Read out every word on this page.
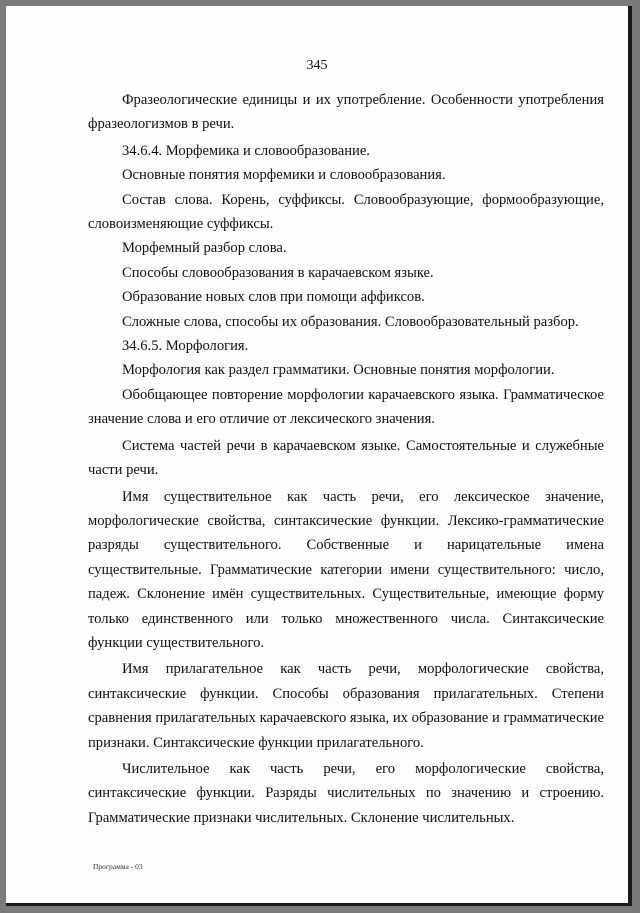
345

Фразеологические единицы и их употребление. Особенности употребления фразеологизмов в речи.

34.6.4. Морфемика и словообразование.

Основные понятия морфемики и словообразования.

Состав слова. Корень, суффиксы. Словообразующие, формообразующие, словоизменяющие суффиксы.

Морфемный разбор слова.

Способы словообразования в карачаевском языке.

Образование новых слов при помощи аффиксов.

Сложные слова, способы их образования. Словообразовательный разбор.

34.6.5. Морфология.

Морфология как раздел грамматики. Основные понятия морфологии.

Обобщающее повторение морфологии карачаевского языка. Грамматическое значение слова и его отличие от лексического значения.

Система частей речи в карачаевском языке. Самостоятельные и служебные части речи.

Имя существительное как часть речи, его лексическое значение, морфологические свойства, синтаксические функции. Лексико-грамматические разряды существительного. Собственные и нарицательные имена существительные. Грамматические категории имени существительного: число, падеж. Склонение имён существительных. Существительные, имеющие форму только единственного или только множественного числа. Синтаксические функции существительного.

Имя прилагательное как часть речи, морфологические свойства, синтаксические функции. Способы образования прилагательных. Степени сравнения прилагательных карачаевского языка, их образование и грамматические признаки. Синтаксические функции прилагательного.

Числительное как часть речи, его морфологические свойства, синтаксические функции. Разряды числительных по значению и строению. Грамматические признаки числительных. Склонение числительных.

Программа - 03
